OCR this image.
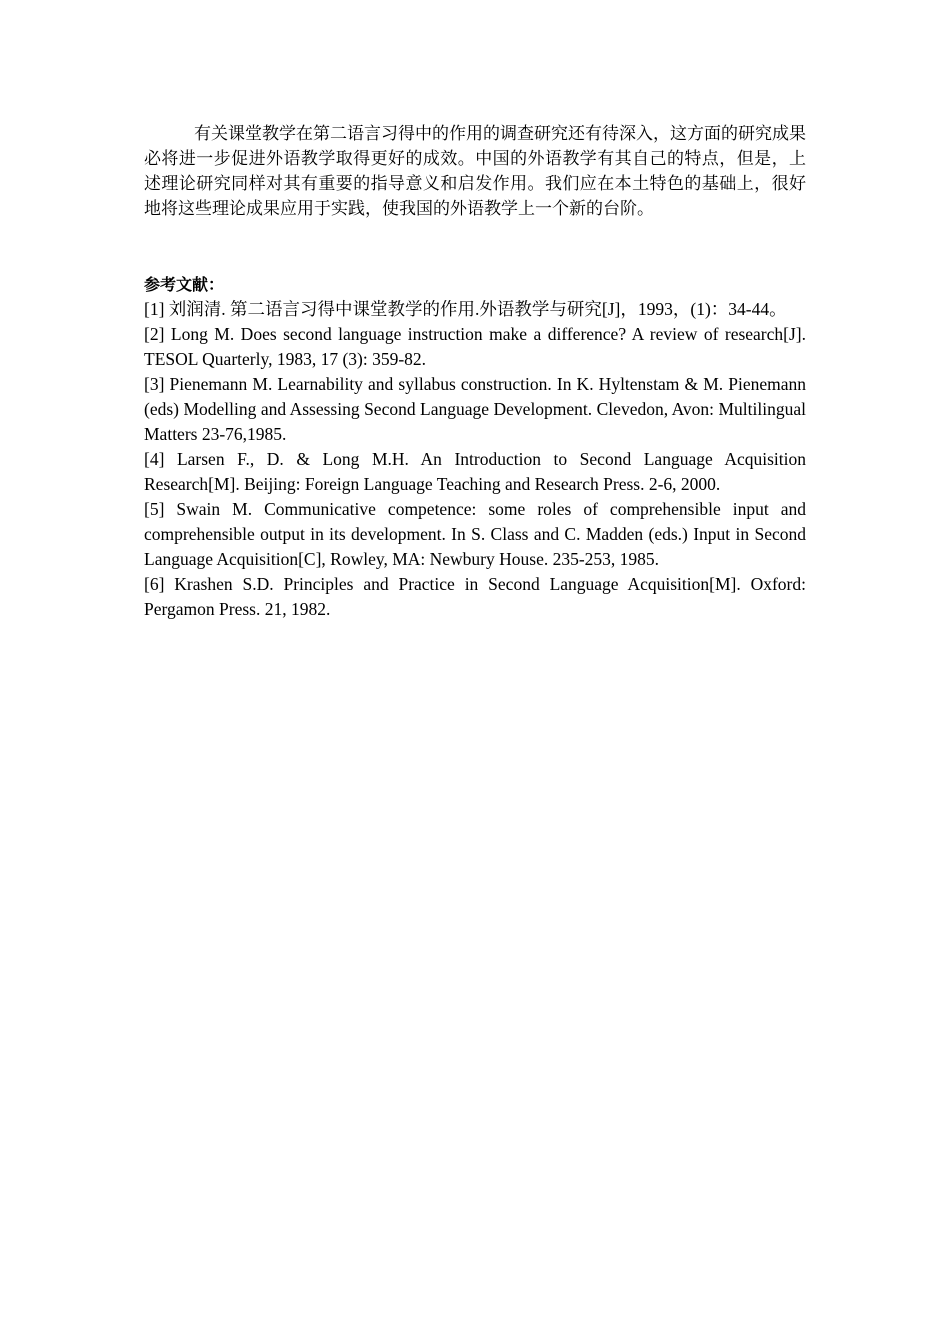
有关课堂教学在第二语言习得中的作用的调查研究还有待深入，这方面的研究成果必将进一步促进外语教学取得更好的成效。中国的外语教学有其自己的特点，但是，上述理论研究同样对其有重要的指导意义和启发作用。我们应在本土特色的基础上，很好地将这些理论成果应用于实践，使我国的外语教学上一个新的台阶。

参考文献：
[1] 刘润清. 第二语言习得中课堂教学的作用.外语教学与研究[J]，1993，(1)：34-44。
[2] Long M. Does second language instruction make a difference? A review of research[J]. TESOL Quarterly, 1983, 17 (3): 359-82.
[3] Pienemann M. Learnability and syllabus construction. In K. Hyltenstam & M. Pienemann (eds) Modelling and Assessing Second Language Development. Clevedon, Avon: Multilingual Matters 23-76,1985.
[4] Larsen F., D. & Long M.H. An Introduction to Second Language Acquisition Research[M]. Beijing: Foreign Language Teaching and Research Press. 2-6, 2000.
[5] Swain M. Communicative competence: some roles of comprehensible input and comprehensible output in its development. In S. Class and C. Madden (eds.) Input in Second Language Acquisition[C], Rowley, MA: Newbury House. 235-253, 1985.
[6] Krashen S.D. Principles and Practice in Second Language Acquisition[M]. Oxford: Pergamon Press. 21, 1982.
